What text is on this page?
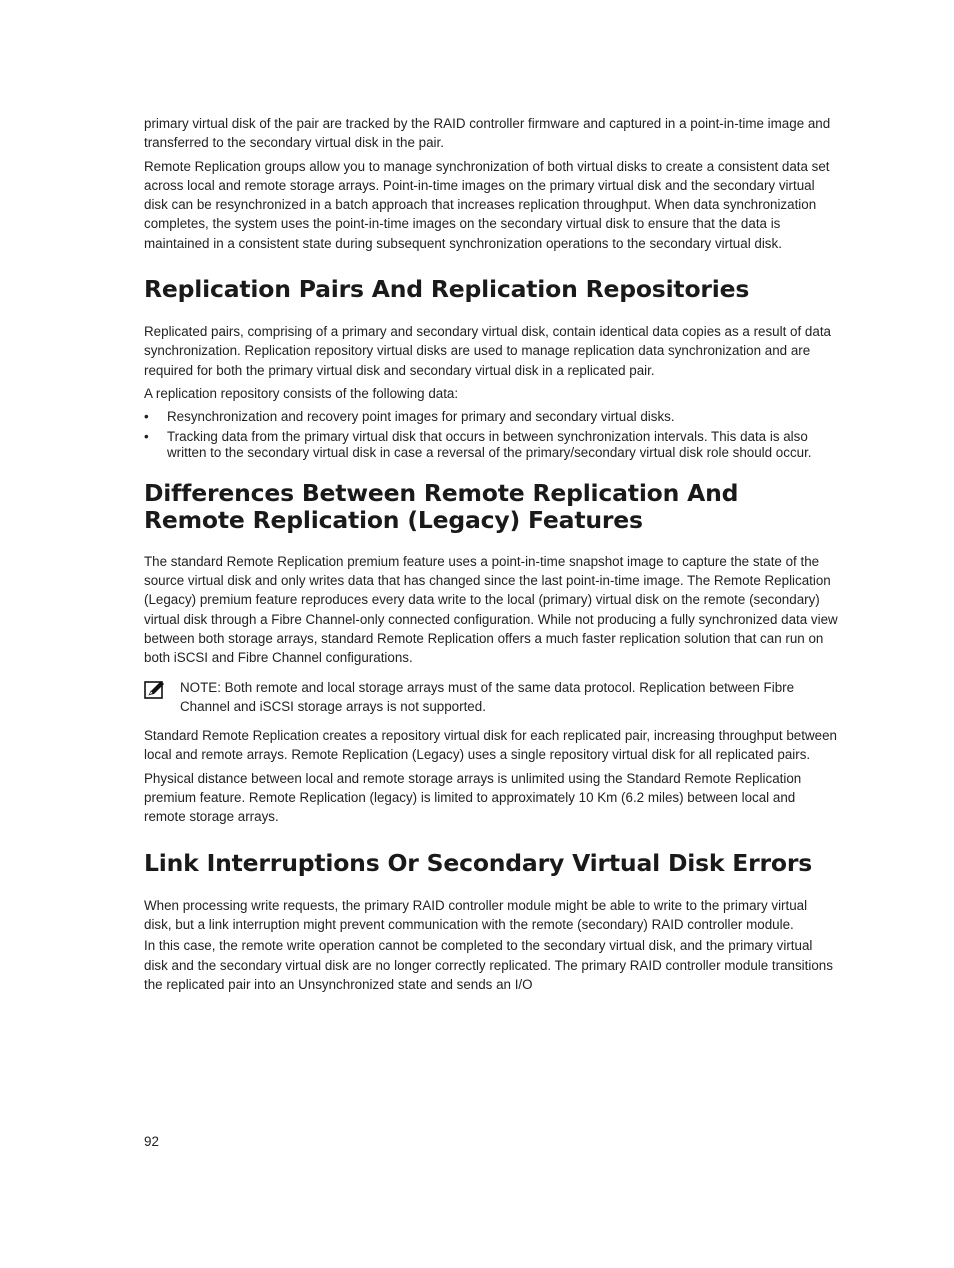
primary virtual disk of the pair are tracked by the RAID controller firmware and captured in a point-in-time image and transferred to the secondary virtual disk in the pair.

Remote Replication groups allow you to manage synchronization of both virtual disks to create a consistent data set across local and remote storage arrays. Point-in-time images on the primary virtual disk and the secondary virtual disk can be resynchronized in a batch approach that increases replication throughput. When data synchronization completes, the system uses the point-in-time images on the secondary virtual disk to ensure that the data is maintained in a consistent state during subsequent synchronization operations to the secondary virtual disk.

Replication Pairs And Replication Repositories

Replicated pairs, comprising of a primary and secondary virtual disk, contain identical data copies as a result of data synchronization. Replication repository virtual disks are used to manage replication data synchronization and are required for both the primary virtual disk and secondary virtual disk in a replicated pair.

A replication repository consists of the following data:

• Resynchronization and recovery point images for primary and secondary virtual disks.
• Tracking data from the primary virtual disk that occurs in between synchronization intervals. This data is also written to the secondary virtual disk in case a reversal of the primary/secondary virtual disk role should occur.
Differences Between Remote Replication And Remote Replication (Legacy) Features

The standard Remote Replication premium feature uses a point-in-time snapshot image to capture the state of the source virtual disk and only writes data that has changed since the last point-in-time image. The Remote Replication (Legacy) premium feature reproduces every data write to the local (primary) virtual disk on the remote (secondary) virtual disk through a Fibre Channel-only connected configuration. While not producing a fully synchronized data view between both storage arrays, standard Remote Replication offers a much faster replication solution that can run on both iSCSI and Fibre Channel configurations.

NOTE: Both remote and local storage arrays must of the same data protocol. Replication between Fibre Channel and iSCSI storage arrays is not supported.

Standard Remote Replication creates a repository virtual disk for each replicated pair, increasing throughput between local and remote arrays. Remote Replication (Legacy) uses a single repository virtual disk for all replicated pairs.

Physical distance between local and remote storage arrays is unlimited using the Standard Remote Replication premium feature. Remote Replication (legacy) is limited to approximately 10 Km (6.2 miles) between local and remote storage arrays.

Link Interruptions Or Secondary Virtual Disk Errors

When processing write requests, the primary RAID controller module might be able to write to the primary virtual disk, but a link interruption might prevent communication with the remote (secondary) RAID controller module.

In this case, the remote write operation cannot be completed to the secondary virtual disk, and the primary virtual disk and the secondary virtual disk are no longer correctly replicated. The primary RAID controller module transitions the replicated pair into an Unsynchronized state and sends an I/O

92
